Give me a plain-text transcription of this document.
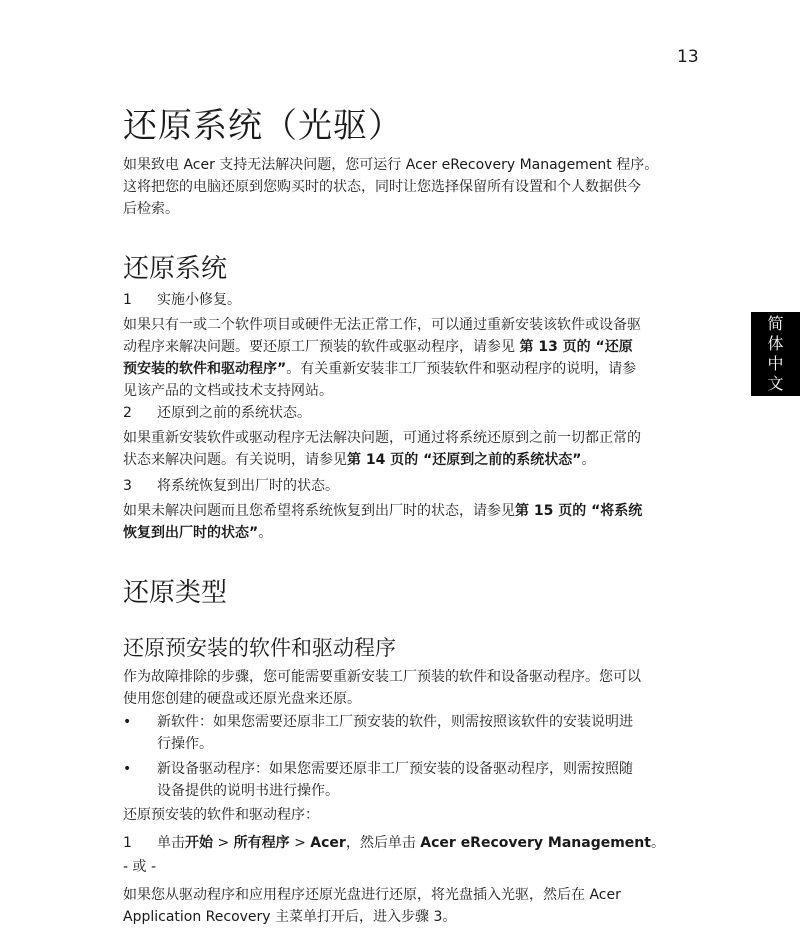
13
简
体
中
文
还原系统（光驱）
如果致电 Acer 支持无法解决问题，您可运行 Acer eRecovery Management 程序。
这将把您的电脑还原到您购买时的状态，同时让您选择保留所有设置和个人数据供今
后检索。
还原系统
1 实施小修复。
如果只有一或二个软件项目或硬件无法正常工作，可以通过重新安装该软件或设备驱
动程序来解决问题。要还原工厂预装的软件或驱动程序，请参见 第 13 页的 “还原
预安装的软件和驱动程序”。有关重新安装非工厂预装软件和驱动程序的说明，请参
见该产品的文档或技术支持网站。
2 还原到之前的系统状态。
如果重新安装软件或驱动程序无法解决问题，可通过将系统还原到之前一切都正常的
状态来解决问题。有关说明，请参见第 14 页的 “还原到之前的系统状态”。
3 将系统恢复到出厂时的状态。
如果未解决问题而且您希望将系统恢复到出厂时的状态，请参见第 15 页的 “将系统
恢复到出厂时的状态”。
还原类型
还原预安装的软件和驱动程序
作为故障排除的步骤，您可能需要重新安装工厂预装的软件和设备驱动程序。您可以
使用您创建的硬盘或还原光盘来还原。
• 新软件：如果您需要还原非工厂预安装的软件，则需按照该软件的安装说明进
行操作。
• 新设备驱动程序：如果您需要还原非工厂预安装的设备驱动程序，则需按照随
设备提供的说明书进行操作。
还原预安装的软件和驱动程序：
1 单击开始 > 所有程序 > Acer，然后单击 Acer eRecovery Management。
- 或 -
如果您从驱动程序和应用程序还原光盘进行还原，将光盘插入光驱，然后在 Acer
Application Recovery 主菜单打开后，进入步骤 3。
